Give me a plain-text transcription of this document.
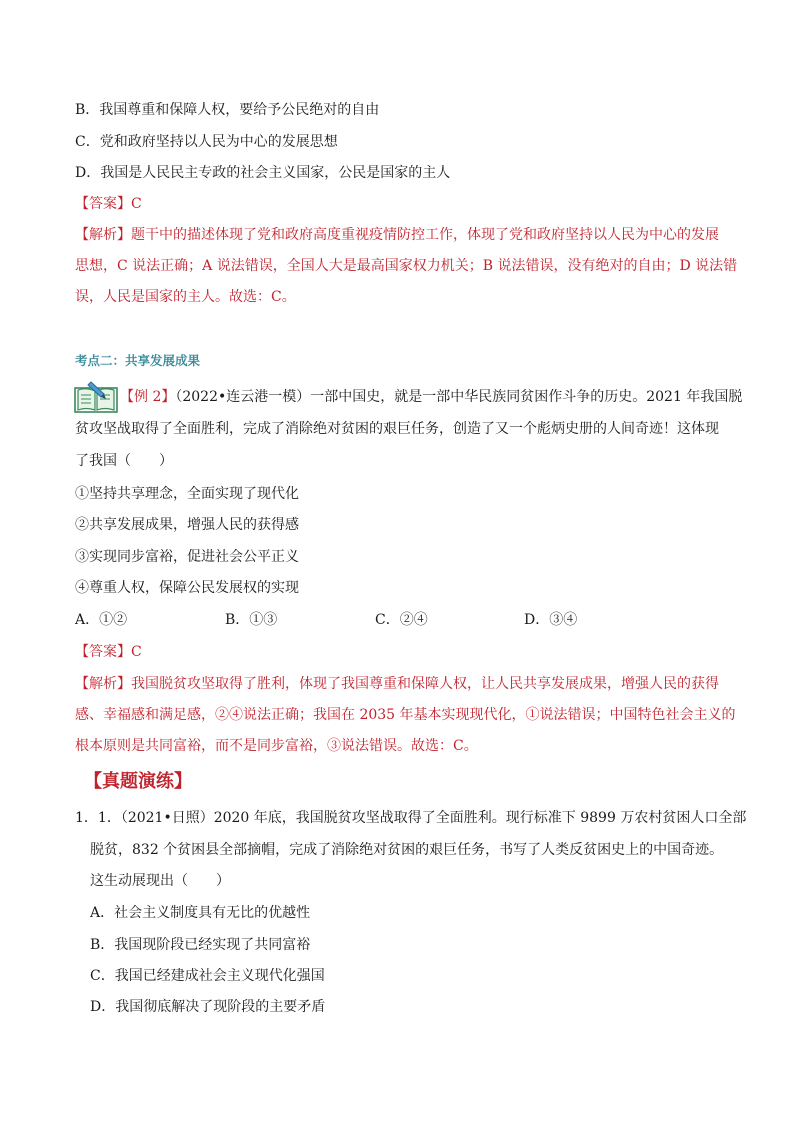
B．我国尊重和保障人权，要给予公民绝对的自由
C．党和政府坚持以人民为中心的发展思想
D．我国是人民民主专政的社会主义国家，公民是国家的主人
【答案】C
【解析】题干中的描述体现了党和政府高度重视疫情防控工作，体现了党和政府坚持以人民为中心的发展
思想，C 说法正确；A 说法错误，全国人大是最高国家权力机关；B 说法错误，没有绝对的自由；D 说法错
误，人民是国家的主人。故选：C。
考点二：共享发展成果
【例 2】（2022•连云港一模）一部中国史，就是一部中华民族同贫困作斗争的历史。2021 年我国脱
贫攻坚战取得了全面胜利，完成了消除绝对贫困的艰巨任务，创造了又一个彪炳史册的人间奇迹！这体现
了我国（　　）
①坚持共享理念，全面实现了现代化
②共享发展成果，增强人民的获得感
③实现同步富裕，促进社会公平正义
④尊重人权，保障公民发展权的实现
A．①②	B．①③	C．②④	D．③④
【答案】C
【解析】我国脱贫攻坚取得了胜利，体现了我国尊重和保障人权，让人民共享发展成果，增强人民的获得
感、幸福感和满足感，②④说法正确；我国在 2035 年基本实现现代化，①说法错误；中国特色社会主义的
根本原则是共同富裕，而不是同步富裕，③说法错误。故选：C。
【真题演练】
1．1．（2021•日照）2020 年底，我国脱贫攻坚战取得了全面胜利。现行标准下 9899 万农村贫困人口全部
脱贫，832 个贫困县全部摘帽，完成了消除绝对贫困的艰巨任务，书写了人类反贫困史上的中国奇迹。
这生动展现出（　　）
A．社会主义制度具有无比的优越性
B．我国现阶段已经实现了共同富裕
C．我国已经建成社会主义现代化强国
D．我国彻底解决了现阶段的主要矛盾
